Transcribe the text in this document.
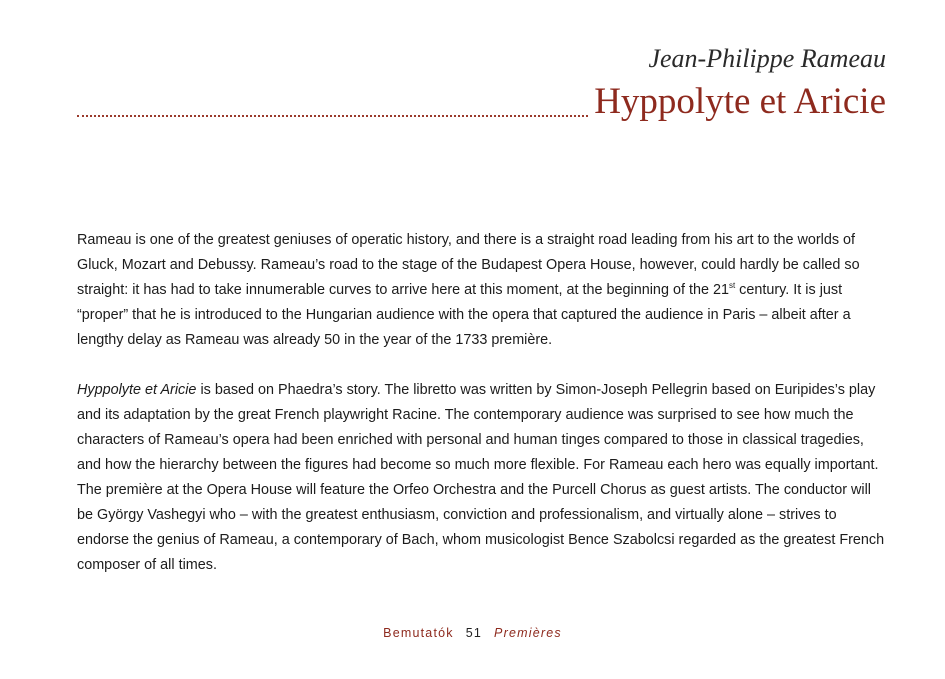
Jean-Philippe Rameau
Hyppolyte et Aricie

Rameau is one of the greatest geniuses of operatic history, and there is a straight road leading from his art to the worlds of Gluck, Mozart and Debussy. Rameau’s road to the stage of the Budapest Opera House, however, could hardly be called so straight: it has had to take innumerable curves to arrive here at this moment, at the beginning of the 21st century. It is just “proper” that he is introduced to the Hungarian audience with the opera that captured the audience in Paris – albeit after a lengthy delay as Rameau was already 50 in the year of the 1733 première.

Hyppolyte et Aricie is based on Phaedra’s story. The libretto was written by Simon-Joseph Pellegrin based on Euripides’s play and its adaptation by the great French playwright Racine. The contemporary audience was surprised to see how much the characters of Rameau’s opera had been enriched with personal and human tinges compared to those in classical tragedies, and how the hierarchy between the figures had become so much more flexible. For Rameau each hero was equally important. The première at the Opera House will feature the Orfeo Orchestra and the Purcell Chorus as guest artists. The conductor will be György Vashegyi who – with the greatest enthusiasm, conviction and professionalism, and virtually alone – strives to endorse the genius of Rameau, a contemporary of Bach, whom musicologist Bence Szabolcsi regarded as the greatest French composer of all times.

Bemutatók 51 Premières
